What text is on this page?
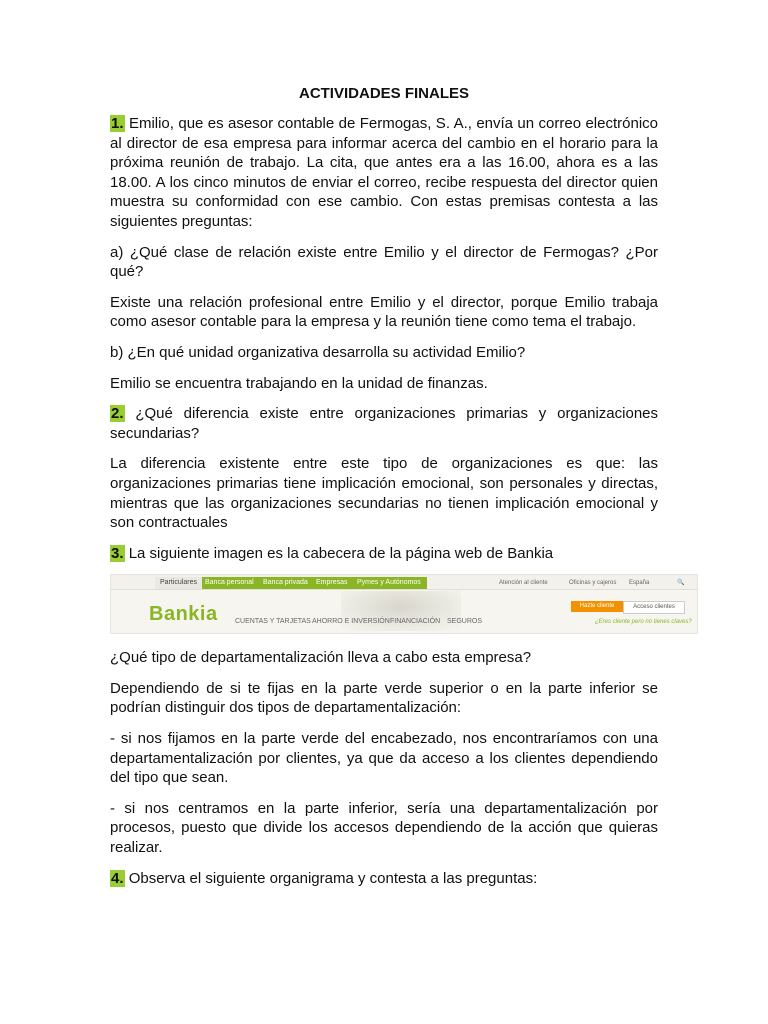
ACTIVIDADES FINALES

1. Emilio, que es asesor contable de Fermogas, S. A., envía un correo electrónico al director de esa empresa para informar acerca del cambio en el horario para la próxima reunión de trabajo. La cita, que antes era a las 16.00, ahora es a las 18.00. A los cinco minutos de enviar el correo, recibe respuesta del director quien muestra su conformidad con ese cambio. Con estas premisas contesta a las siguientes preguntas:

a) ¿Qué clase de relación existe entre Emilio y el director de Fermogas? ¿Por qué?

Existe una relación profesional entre Emilio y el director, porque Emilio trabaja como asesor contable para la empresa y la reunión tiene como tema el trabajo.

b) ¿En qué unidad organizativa desarrolla su actividad Emilio?

Emilio se encuentra trabajando en la unidad de finanzas.

2. ¿Qué diferencia existe entre organizaciones primarias y organizaciones secundarias?

La diferencia existente entre este tipo de organizaciones es que: las organizaciones primarias tiene implicación emocional, son personales y directas, mientras que las organizaciones secundarias no tienen implicación emocional y son contractuales

3. La siguiente imagen es la cabecera de la página web de Bankia

Particulares	Banca personal Banca privada Empresas Pymes y Autónomos	Atención al cliente	Oficinas y cajeros España	🔍
Bankia CUENTAS Y TARJETAS AHORRO E INVERSIÓN FINANCIACIÓN SEGUROS
Hazte cliente	Acceso clientes
¿Eres cliente pero no tienes claves?

¿Qué tipo de departamentalización lleva a cabo esta empresa?

Dependiendo de si te fijas en la parte verde superior o en la parte inferior se podrían distinguir dos tipos de departamentalización:

- si nos fijamos en la parte verde del encabezado, nos encontraríamos con una departamentalización por clientes, ya que da acceso a los clientes dependiendo del tipo que sean.

- si nos centramos en la parte inferior, sería una departamentalización por procesos, puesto que divide los accesos dependiendo de la acción que quieras realizar.

4. Observa el siguiente organigrama y contesta a las preguntas:
